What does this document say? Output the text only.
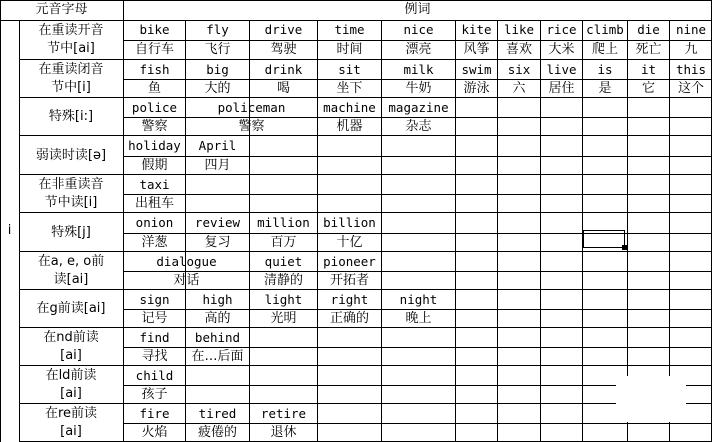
元音字母	例词
i
在重读开音
节中[ai]
bike
自行车
fly
飞行
drive
驾驶
time
时间
nice
漂亮
kite
风筝
like
喜欢
rice
大米
climb
爬上
die
死亡
nine
九
在重读闭音
节中[i]
fish
鱼
big
大的
drink
喝
sit
坐下
milk
牛奶
swim
游泳
six
六
live
居住
is
是
it
它
this
这个
特殊[i:]
police
警察
policeman
警察
machine
机器
magazine
杂志
弱读时读[ə]
holiday
假期
April
四月
在非重读音
节中读[i]
taxi
出租车
特殊[j]
onion
洋葱
review
复习
million
百万
billion
十亿
在a, e, o前
读[ai]
dialogue
对话
quiet
清静的
pioneer
开拓者
在g前读[ai]
sign
记号
high
高的
light
光明
right
正确的
night
晚上
在nd前读
[ai]
find
寻找
behind
在…后面
在ld前读
[ai]
child
孩子
在re前读
[ai]
fire
火焰
tired
疲倦的
retire
退休
